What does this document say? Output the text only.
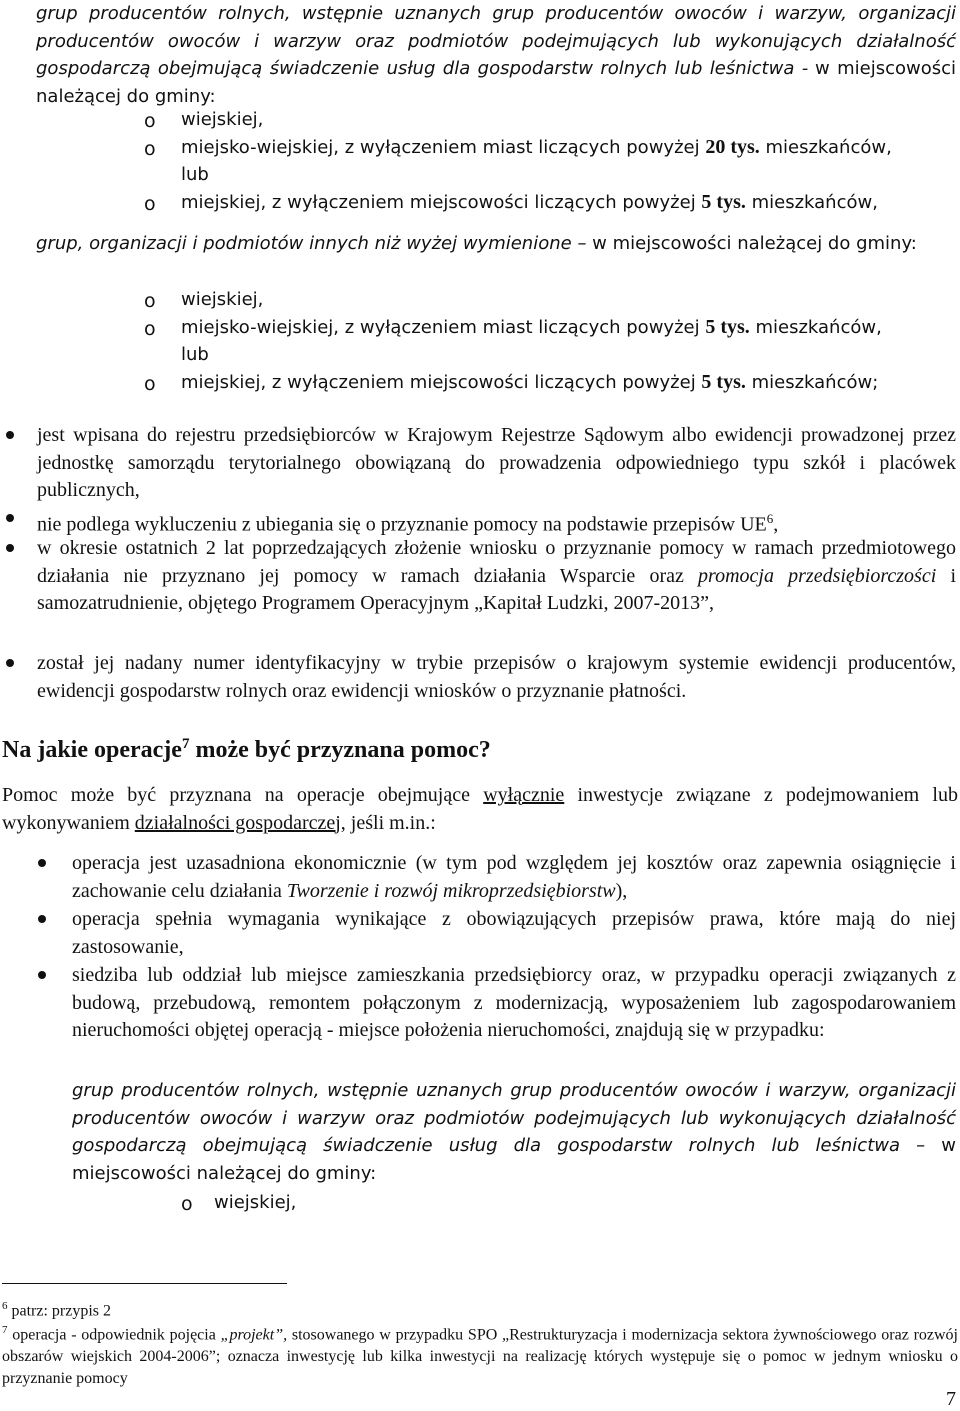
grup producentów rolnych, wstępnie uznanych grup producentów owoców i warzyw, organizacji producentów owoców i warzyw oraz podmiotów podejmujących lub wykonujących działalność gospodarczą obejmującą świadczenie usług dla gospodarstw rolnych lub leśnictwa - w miejscowości należącej do gminy:

o wiejskiej,
o miejsko-wiejskiej, z wyłączeniem miast liczących powyżej 20 tys. mieszkańców,
lub
o miejskiej, z wyłączeniem miejscowości liczących powyżej 5 tys. mieszkańców,

grup, organizacji i podmiotów innych niż wyżej wymienione – w miejscowości należącej do gminy:

o wiejskiej,
o miejsko-wiejskiej, z wyłączeniem miast liczących powyżej 5 tys. mieszkańców,
lub
o miejskiej, z wyłączeniem miejscowości liczących powyżej 5 tys. mieszkańców;

jest wpisana do rejestru przedsiębiorców w Krajowym Rejestrze Sądowym albo ewidencji prowadzonej przez jednostkę samorządu terytorialnego obowiązaną do prowadzenia odpowiedniego typu szkół i placówek publicznych,

nie podlega wykluczeniu z ubiegania się o przyznanie pomocy na podstawie przepisów $UE^6$,

w okresie ostatnich 2 lat poprzedzających złożenie wniosku o przyznanie pomocy w ramach przedmiotowego działania nie przyznano jej pomocy w ramach działania Wsparcie oraz promocja przedsiębiorczości i samozatrudnienie, objętego Programem Operacyjnym „Kapitał Ludzki, 2007-2013”,

został jej nadany numer identyfikacyjny w trybie przepisów o krajowym systemie ewidencji producentów, ewidencji gospodarstw rolnych oraz ewidencji wniosków o przyznanie płatności.

Na jakie operacje$^7$ może być przyznana pomoc?

Pomoc może być przyznana na operacje obejmujące wyłącznie inwestycje związane z podejmowaniem lub wykonywaniem działalności gospodarczej, jeśli m.in.:

operacja jest uzasadniona ekonomicznie (w tym pod względem jej kosztów oraz zapewnia osiągnięcie i zachowanie celu działania Tworzenie i rozwój mikroprzedsiębiorstw),

operacja spełnia wymagania wynikające z obowiązujących przepisów prawa, które mają do niej zastosowanie,

siedziba lub oddział lub miejsce zamieszkania przedsiębiorcy oraz, w przypadku operacji związanych z budową, przebudową, remontem połączonym z modernizacją, wyposażeniem lub zagospodarowaniem nieruchomości objętej operacją - miejsce położenia nieruchomości, znajdują się w przypadku:

grup producentów rolnych, wstępnie uznanych grup producentów owoców i warzyw, organizacji producentów owoców i warzyw oraz podmiotów podejmujących lub wykonujących działalność gospodarczą obejmującą świadczenie usług dla gospodarstw rolnych lub leśnictwa – w miejscowości należącej do gminy:

o wiejskiej,

$^6$ patrz: przypis 2

$^7$ operacja - odpowiednik pojęcia „projekt”, stosowanego w przypadku SPO „Restrukturyzacja i modernizacja sektora żywnościowego oraz rozwój obszarów wiejskich 2004-2006”; oznacza inwestycję lub kilka inwestycji na realizację których występuje się o pomoc w jednym wniosku o przyznanie pomocy

7
